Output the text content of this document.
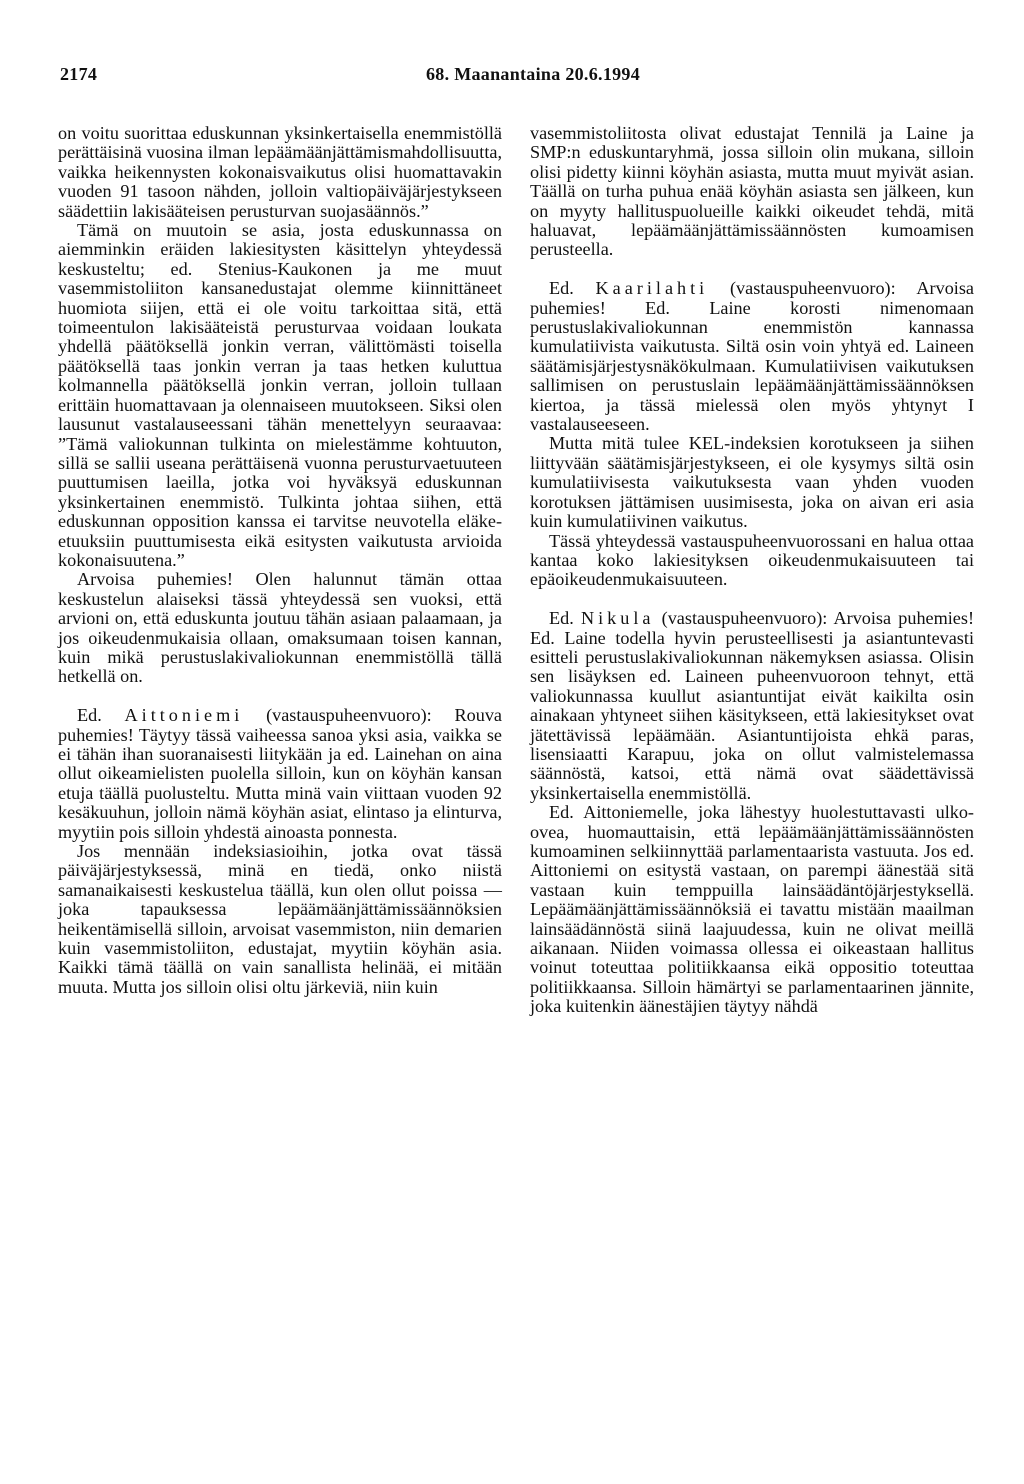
2174	68. Maanantaina 20.6.1994

on voitu suorittaa eduskunnan yksinkertaisella enemmistöllä perättäisinä vuosina ilman lepäämäänjättämismahdollisuutta, vaikka heikennysten kokonaisvaikutus olisi huomattavakin vuoden 91 tasoon nähden, jolloin valtiopäiväjärjestykseen säädettiin lakisääteisen perusturvan suojasäännös.”

Tämä on muutoin se asia, josta eduskunnassa on aiemminkin eräiden lakiesitysten käsittelyn yhteydessä keskusteltu; ed. Stenius-Kaukonen ja me muut vasemmistoliiton kansanedustajat olemme kiinnittäneet huomiota siijen, että ei ole voitu tarkoittaa sitä, että toimeentulon lakisääteistä perusturvaa voidaan loukata yhdellä päätöksellä jonkin verran, välittömästi toisella päätöksellä taas jonkin verran ja taas hetken kuluttua kolmannella päätöksellä jonkin verran, jolloin tullaan erittäin huomattavaan ja olennaiseen muutokseen. Siksi olen lausunut vastalauseessani tähän menettelyyn seuraavaa: ”Tämä valiokunnan tulkinta on mielestämme kohtuuton, sillä se sallii useana perättäisenä vuonna perusturvaetuuteen puuttumisen laeilla, jotka voi hyväksyä eduskunnan yksinkertainen enemmistö. Tulkinta johtaa siihen, että eduskunnan opposition kanssa ei tarvitse neuvotella eläke-etuuksiin puuttumisesta eikä esitysten vaikutusta arvioida kokonaisuutena.”

Arvoisa puhemies! Olen halunnut tämän ottaa keskustelun alaiseksi tässä yhteydessä sen vuoksi, että arvioni on, että eduskunta joutuu tähän asiaan palaamaan, ja jos oikeudenmukaisia ollaan, omaksumaan toisen kannan, kuin mikä perustuslakivaliokunnan enemmistöllä tällä hetkellä on.

Ed. Aittoniemi (vastauspuheenvuoro): Rouva puhemies! Täytyy tässä vaiheessa sanoa yksi asia, vaikka se ei tähän ihan suoranaisesti liitykään ja ed. Lainehan on aina ollut oikeamielisten puolella silloin, kun on köyhän kansan etuja täällä puolusteltu. Mutta minä vain viittaan vuoden 92 kesäkuuhun, jolloin nämä köyhän asiat, elintaso ja elinturva, myytiin pois silloin yhdestä ainoasta ponnesta.

Jos mennään indeksiasioihin, jotka ovat tässä päiväjärjestyksessä, minä en tiedä, onko niistä samanaikaisesti keskustelua täällä, kun olen ollut poissa — joka tapauksessa lepäämäänjättämissäännöksien heikentämisellä silloin, arvoisat vasemmiston, niin demarien kuin vasemmistoliiton, edustajat, myytiin köyhän asia. Kaikki tämä täällä on vain sanallista helinää, ei mitään muuta. Mutta jos silloin olisi oltu järkeviä, niin kuin

vasemmistoliitosta olivat edustajat Tennilä ja Laine ja SMP:n eduskuntaryhmä, jossa silloin olin mukana, silloin olisi pidetty kiinni köyhän asiasta, mutta muut myivät asian. Täällä on turha puhua enää köyhän asiasta sen jälkeen, kun on myyty hallituspuolueille kaikki oikeudet tehdä, mitä haluavat, lepäämäänjättämissäännösten kumoamisen perusteella.

Ed. Kaarilahti (vastauspuheenvuoro): Arvoisa puhemies! Ed. Laine korosti nimenomaan perustuslakivaliokunnan enemmistön kannassa kumulatiivista vaikutusta. Siltä osin voin yhtyä ed. Laineen säätämisjärjestysnäkökulmaan. Kumulatiivisen vaikutuksen sallimisen on perustuslain lepäämäänjättämissäännöksen kiertoa, ja tässä mielessä olen myös yhtynyt I vastalauseeseen.

Mutta mitä tulee KEL-indeksien korotukseen ja siihen liittyvään säätämisjärjestykseen, ei ole kysymys siltä osin kumulatiivisesta vaikutuksesta vaan yhden vuoden korotuksen jättämisen uusimisesta, joka on aivan eri asia kuin kumulatiivinen vaikutus.

Tässä yhteydessä vastauspuheenvuorossani en halua ottaa kantaa koko lakiesityksen oikeudenmukaisuuteen tai epäoikeudenmukaisuuteen.

Ed. Nikula (vastauspuheenvuoro): Arvoisa puhemies! Ed. Laine todella hyvin perusteellisesti ja asiantuntevasti esitteli perustuslakivaliokunnan näkemyksen asiassa. Olisin sen lisäyksen ed. Laineen puheenvuoroon tehnyt, että valiokunnassa kuullut asiantuntijat eivät kaikilta osin ainakaan yhtyneet siihen käsitykseen, että lakiesitykset ovat jätettävissä lepäämään. Asiantuntijoista ehkä paras, lisensiaatti Karapuu, joka on ollut valmistelemassa säännöstä, katsoi, että nämä ovat säädettävissä yksinkertaisella enemmistöllä.

Ed. Aittoniemelle, joka lähestyy huolestuttavasti ulko-ovea, huomauttaisin, että lepäämäänjättämissäännösten kumoaminen selkiinnyttää parlamentaarista vastuuta. Jos ed. Aittoniemi on esitystä vastaan, on parempi äänestää sitä vastaan kuin temppuilla lainsäädäntöjärjestyksellä. Lepäämäänjättämissäännöksiä ei tavattu mistään maailman lainsäädännöstä siinä laajuudessa, kuin ne olivat meillä aikanaan. Niiden voimassa ollessa ei oikeastaan hallitus voinut toteuttaa politiikkaansa eikä oppositio toteuttaa politiikkaansa. Silloin hämärtyi se parlamentaarinen jännite, joka kuitenkin äänestäjien täytyy nähdä
